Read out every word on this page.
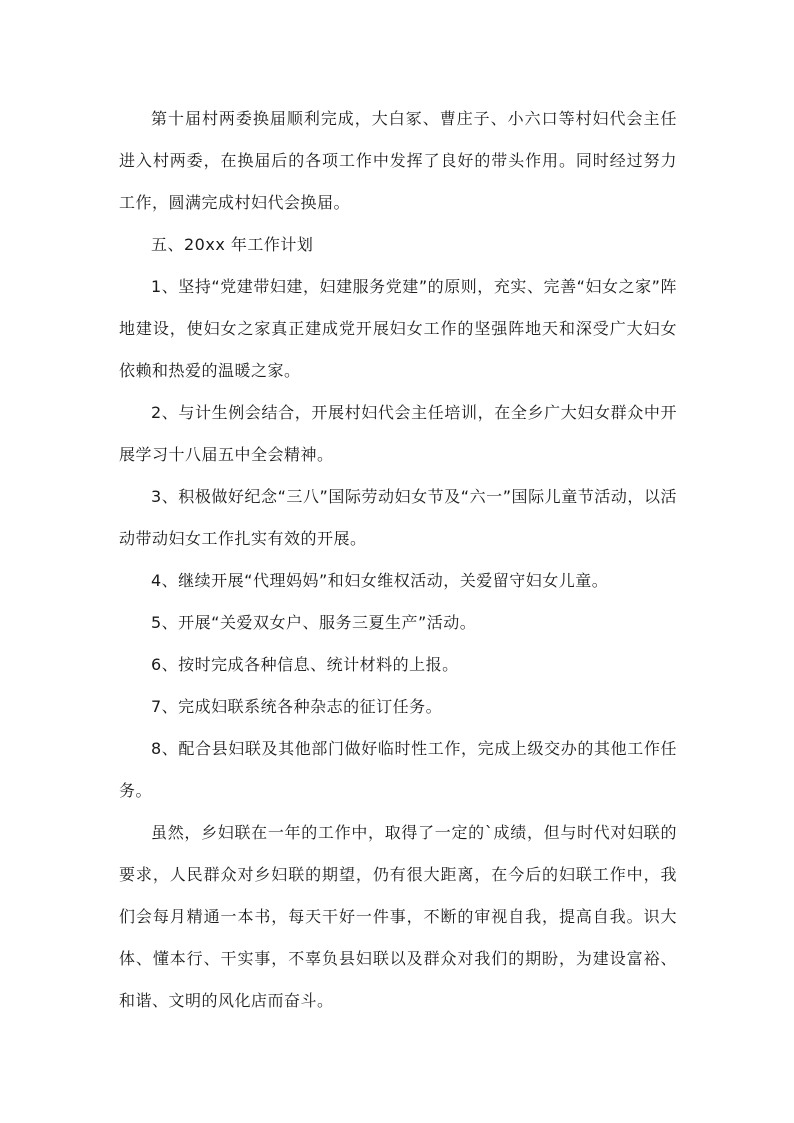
第十届村两委换届顺利完成，大白冢、曹庄子、小六口等村妇代会主任进入村两委，在换届后的各项工作中发挥了良好的带头作用。同时经过努力工作，圆满完成村妇代会换届。

五、20xx 年工作计划

1、坚持“党建带妇建，妇建服务党建”的原则，充实、完善“妇女之家”阵地建设，使妇女之家真正建成党开展妇女工作的坚强阵地天和深受广大妇女依赖和热爱的温暖之家。

2、与计生例会结合，开展村妇代会主任培训，在全乡广大妇女群众中开展学习十八届五中全会精神。

3、积极做好纪念“三八”国际劳动妇女节及“六一”国际儿童节活动，以活动带动妇女工作扎实有效的开展。

4、继续开展“代理妈妈”和妇女维权活动，关爱留守妇女儿童。

5、开展“关爱双女户、服务三夏生产”活动。

6、按时完成各种信息、统计材料的上报。

7、完成妇联系统各种杂志的征订任务。

8、配合县妇联及其他部门做好临时性工作，完成上级交办的其他工作任务。

虽然，乡妇联在一年的工作中，取得了一定的`成绩，但与时代对妇联的要求，人民群众对乡妇联的期望，仍有很大距离，在今后的妇联工作中，我们会每月精通一本书，每天干好一件事，不断的审视自我，提高自我。识大体、懂本行、干实事，不辜负县妇联以及群众对我们的期盼，为建设富裕、和谐、文明的风化店而奋斗。
